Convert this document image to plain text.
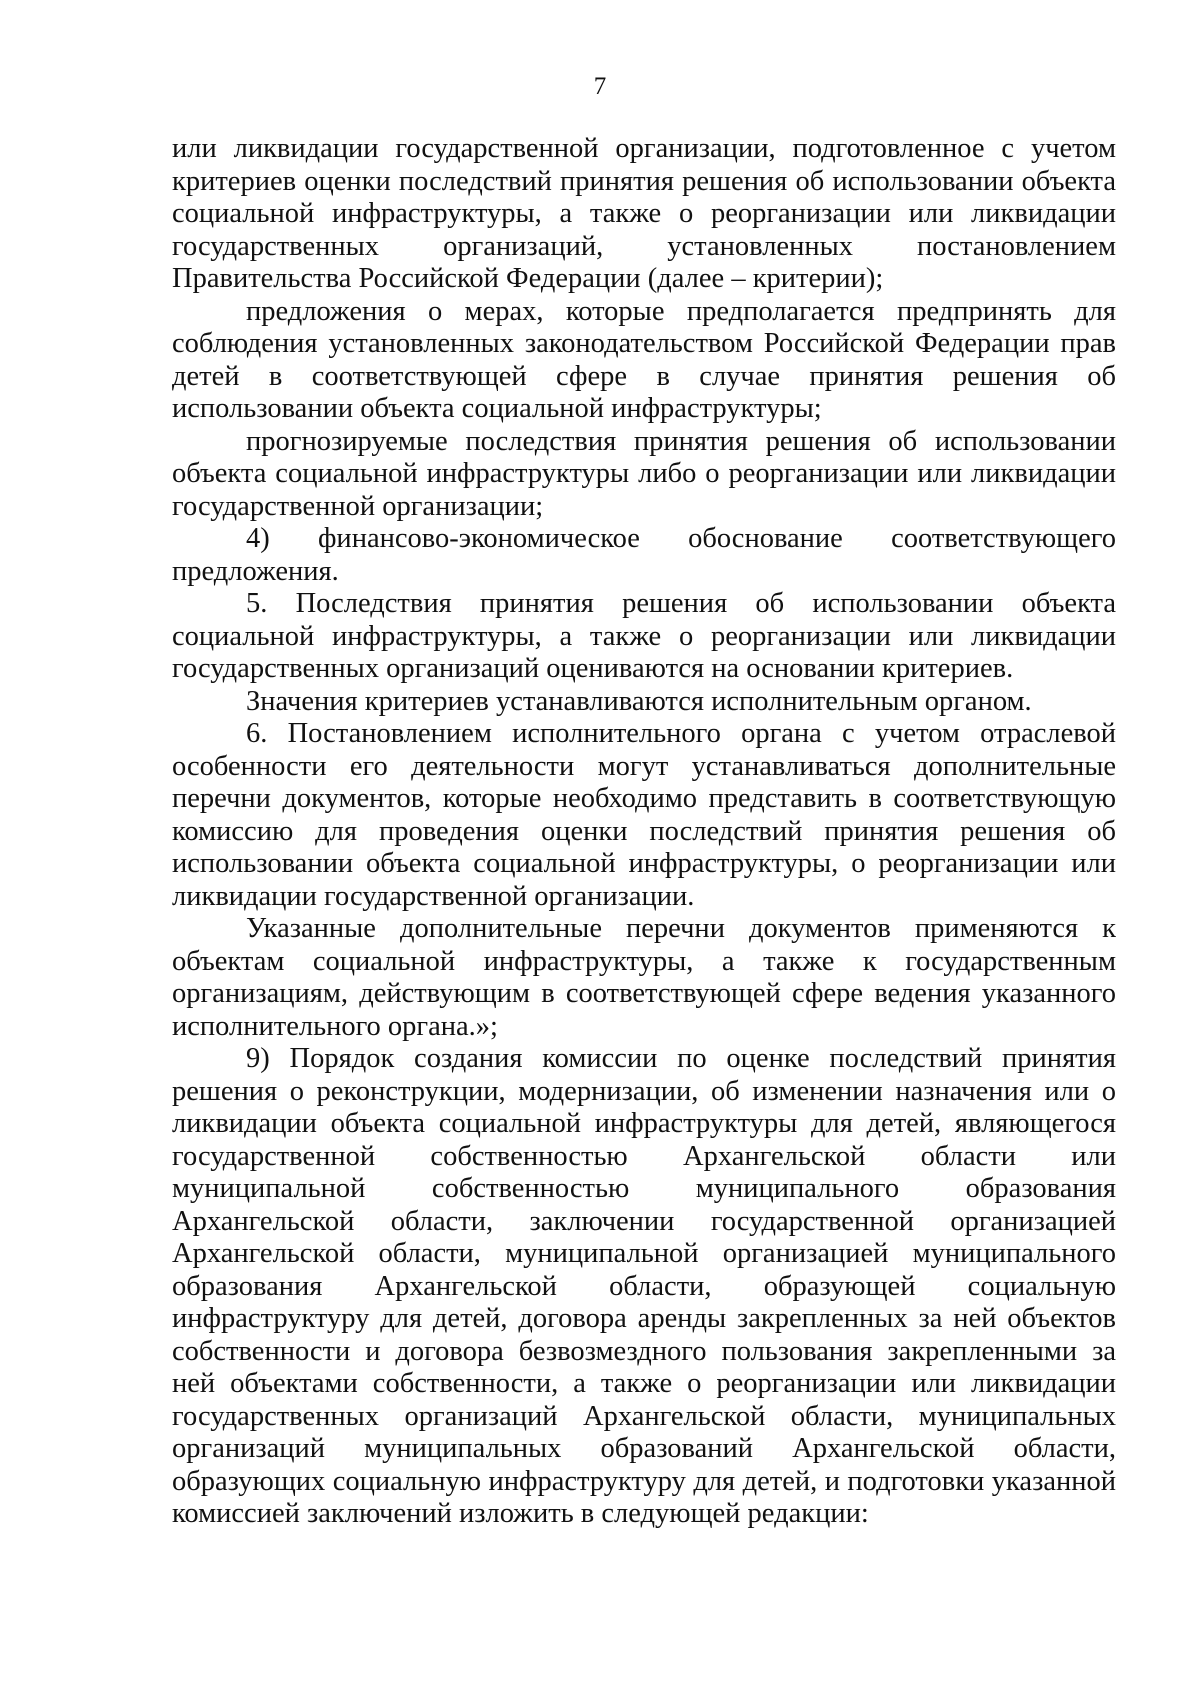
7

или ликвидации государственной организации, подготовленное с учетом критериев оценки последствий принятия решения об использовании объекта социальной инфраструктуры, а также о реорганизации или ликвидации государственных организаций, установленных постановлением Правительства Российской Федерации (далее – критерии);

предложения о мерах, которые предполагается предпринять для соблюдения установленных законодательством Российской Федерации прав детей в соответствующей сфере в случае принятия решения об использовании объекта социальной инфраструктуры;

прогнозируемые последствия принятия решения об использовании объекта социальной инфраструктуры либо о реорганизации или ликвидации государственной организации;

4) финансово-экономическое обоснование соответствующего предложения.

5. Последствия принятия решения об использовании объекта социальной инфраструктуры, а также о реорганизации или ликвидации государственных организаций оцениваются на основании критериев.

Значения критериев устанавливаются исполнительным органом.

6. Постановлением исполнительного органа с учетом отраслевой особенности его деятельности могут устанавливаться дополнительные перечни документов, которые необходимо представить в соответствующую комиссию для проведения оценки последствий принятия решения об использовании объекта социальной инфраструктуры, о реорганизации или ликвидации государственной организации.

Указанные дополнительные перечни документов применяются к объектам социальной инфраструктуры, а также к государственным организациям, действующим в соответствующей сфере ведения указанного исполнительного органа.»;

9) Порядок создания комиссии по оценке последствий принятия решения о реконструкции, модернизации, об изменении назначения или о ликвидации объекта социальной инфраструктуры для детей, являющегося государственной собственностью Архангельской области или муниципальной собственностью муниципального образования Архангельской области, заключении государственной организацией Архангельской области, муниципальной организацией муниципального образования Архангельской области, образующей социальную инфраструктуру для детей, договора аренды закрепленных за ней объектов собственности и договора безвозмездного пользования закрепленными за ней объектами собственности, а также о реорганизации или ликвидации государственных организаций Архангельской области, муниципальных организаций муниципальных образований Архангельской области, образующих социальную инфраструктуру для детей, и подготовки указанной комиссией заключений изложить в следующей редакции:
